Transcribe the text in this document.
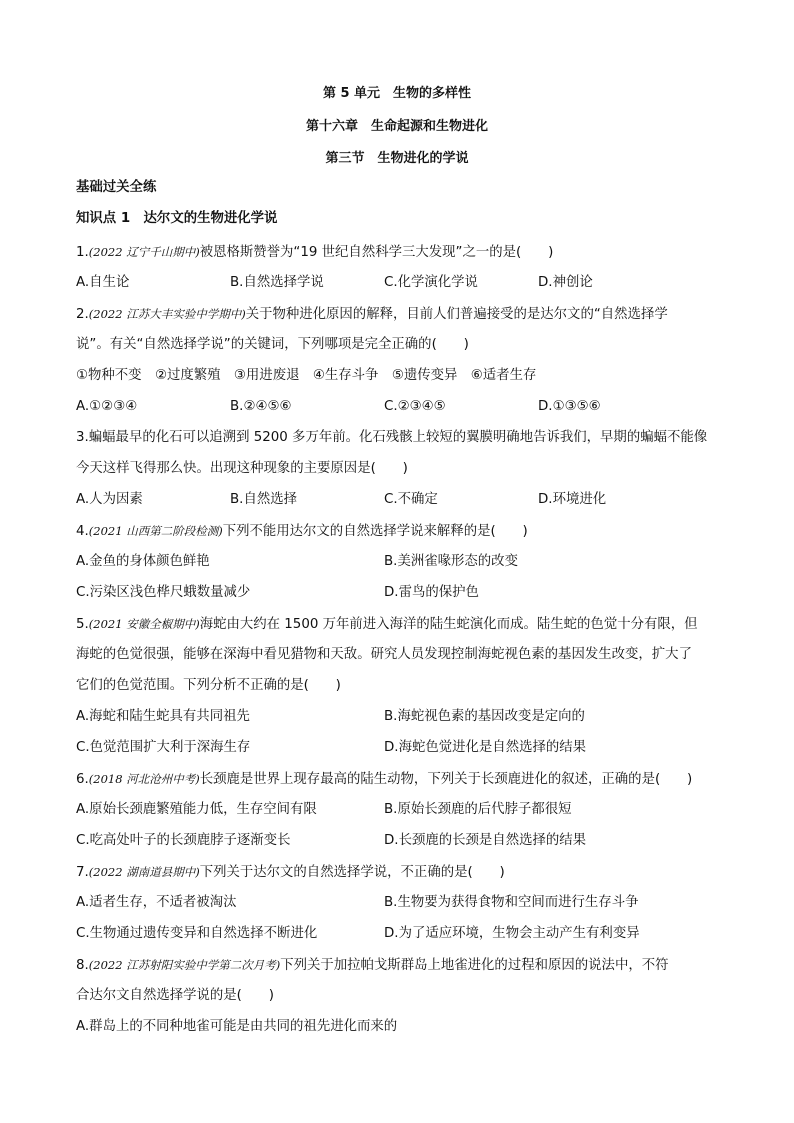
第 5 单元　生物的多样性
第十六章　生命起源和生物进化
第三节　生物进化的学说
基础过关全练
知识点 1　达尔文的生物进化学说
1.(2022 辽宁千山期中)被恩格斯赞誉为“19 世纪自然科学三大发现”之一的是(　　)
A.自生论	B.自然选择学说	C.化学演化学说	D.神创论
2.(2022 江苏大丰实验中学期中)关于物种进化原因的解释，目前人们普遍接受的是达尔文的“自然选择学
说”。有关“自然选择学说”的关键词，下列哪项是完全正确的(　　)
①物种不变　②过度繁殖　③用进废退　④生存斗争　⑤遗传变异　⑥适者生存
A.①②③④	B.②④⑤⑥	C.②③④⑤	D.①③⑤⑥
3.蝙蝠最早的化石可以追溯到 5200 多万年前。化石残骸上较短的翼膜明确地告诉我们，早期的蝙蝠不能像
今天这样飞得那么快。出现这种现象的主要原因是(　　)
A.人为因素	B.自然选择	C.不确定	D.环境进化
4.(2021 山西第二阶段检测)下列不能用达尔文的自然选择学说来解释的是(　　)
A.金鱼的身体颜色鲜艳	B.美洲雀喙形态的改变
C.污染区浅色桦尺蛾数量减少	D.雷鸟的保护色
5.(2021 安徽全椒期中)海蛇由大约在 1500 万年前进入海洋的陆生蛇演化而成。陆生蛇的色觉十分有限，但
海蛇的色觉很强，能够在深海中看见猎物和天敌。研究人员发现控制海蛇视色素的基因发生改变，扩大了
它们的色觉范围。下列分析不正确的是(　　)
A.海蛇和陆生蛇具有共同祖先	B.海蛇视色素的基因改变是定向的
C.色觉范围扩大利于深海生存	D.海蛇色觉进化是自然选择的结果
6.(2018 河北沧州中考)长颈鹿是世界上现存最高的陆生动物，下列关于长颈鹿进化的叙述，正确的是(　　)
A.原始长颈鹿繁殖能力低，生存空间有限	B.原始长颈鹿的后代脖子都很短
C.吃高处叶子的长颈鹿脖子逐渐变长	D.长颈鹿的长颈是自然选择的结果
7.(2022 湖南道县期中)下列关于达尔文的自然选择学说，不正确的是(　　)
A.适者生存，不适者被淘汰	B.生物要为获得食物和空间而进行生存斗争
C.生物通过遗传变异和自然选择不断进化	D.为了适应环境，生物会主动产生有利变异
8.(2022 江苏射阳实验中学第二次月考)下列关于加拉帕戈斯群岛上地雀进化的过程和原因的说法中，不符
合达尔文自然选择学说的是(　　)
A.群岛上的不同种地雀可能是由共同的祖先进化而来的
